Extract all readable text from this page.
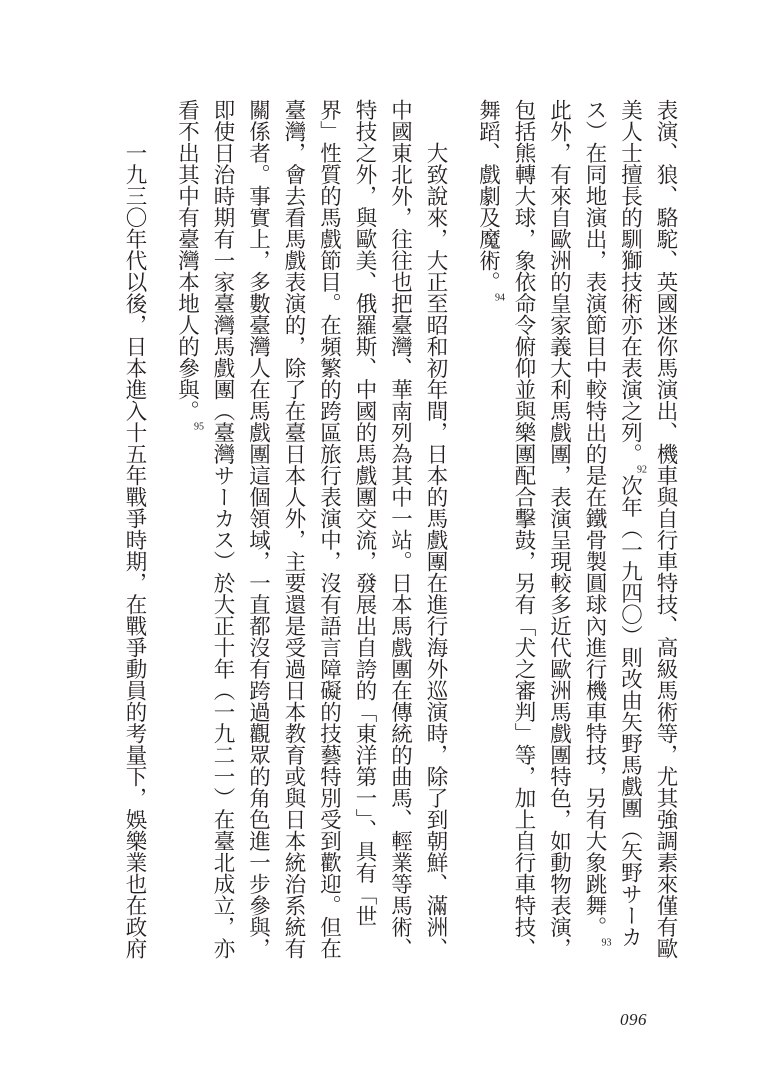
表演、狼、駱駝、英國迷你馬演出、機車與自行車特技、高級馬術等，尤其強調素來僅有歐
美人士擅長的馴獅技術亦在表演之列。92次年（一九四〇）則改由矢野馬戲團（矢野サーカ
ス）在同地演出，表演節目中較特出的是在鐵骨製圓球內進行機車特技，另有大象跳舞。93
此外，有來自歐洲的皇家義大利馬戲團，表演呈現較多近代歐洲馬戲團特色，如動物表演，
包括熊轉大球，象依命令俯仰並與樂團配合擊鼓，另有「犬之審判」等，加上自行車特技、
舞蹈、戲劇及魔術。94
大致說來，大正至昭和初年間，日本的馬戲團在進行海外巡演時，除了到朝鮮、滿洲、
中國東北外，往往也把臺灣、華南列為其中一站。日本馬戲團在傳統的曲馬、輕業等馬術、
特技之外，與歐美、俄羅斯、中國的馬戲團交流，發展出自誇的「東洋第一」、具有「世
界」性質的馬戲節目。在頻繁的跨區旅行表演中，沒有語言障礙的技藝特別受到歡迎。但在
臺灣，會去看馬戲表演的，除了在臺日本人外，主要還是受過日本教育或與日本統治系統有
關係者。事實上，多數臺灣人在馬戲團這個領域，一直都沒有跨過觀眾的角色進一步參與，
即使日治時期有一家臺灣馬戲團（臺灣サーカス）於大正十年（一九二一）在臺北成立，亦
看不出其中有臺灣本地人的參與。95
一九三〇年代以後，日本進入十五年戰爭時期，在戰爭動員的考量下，娛樂業也在政府
096
